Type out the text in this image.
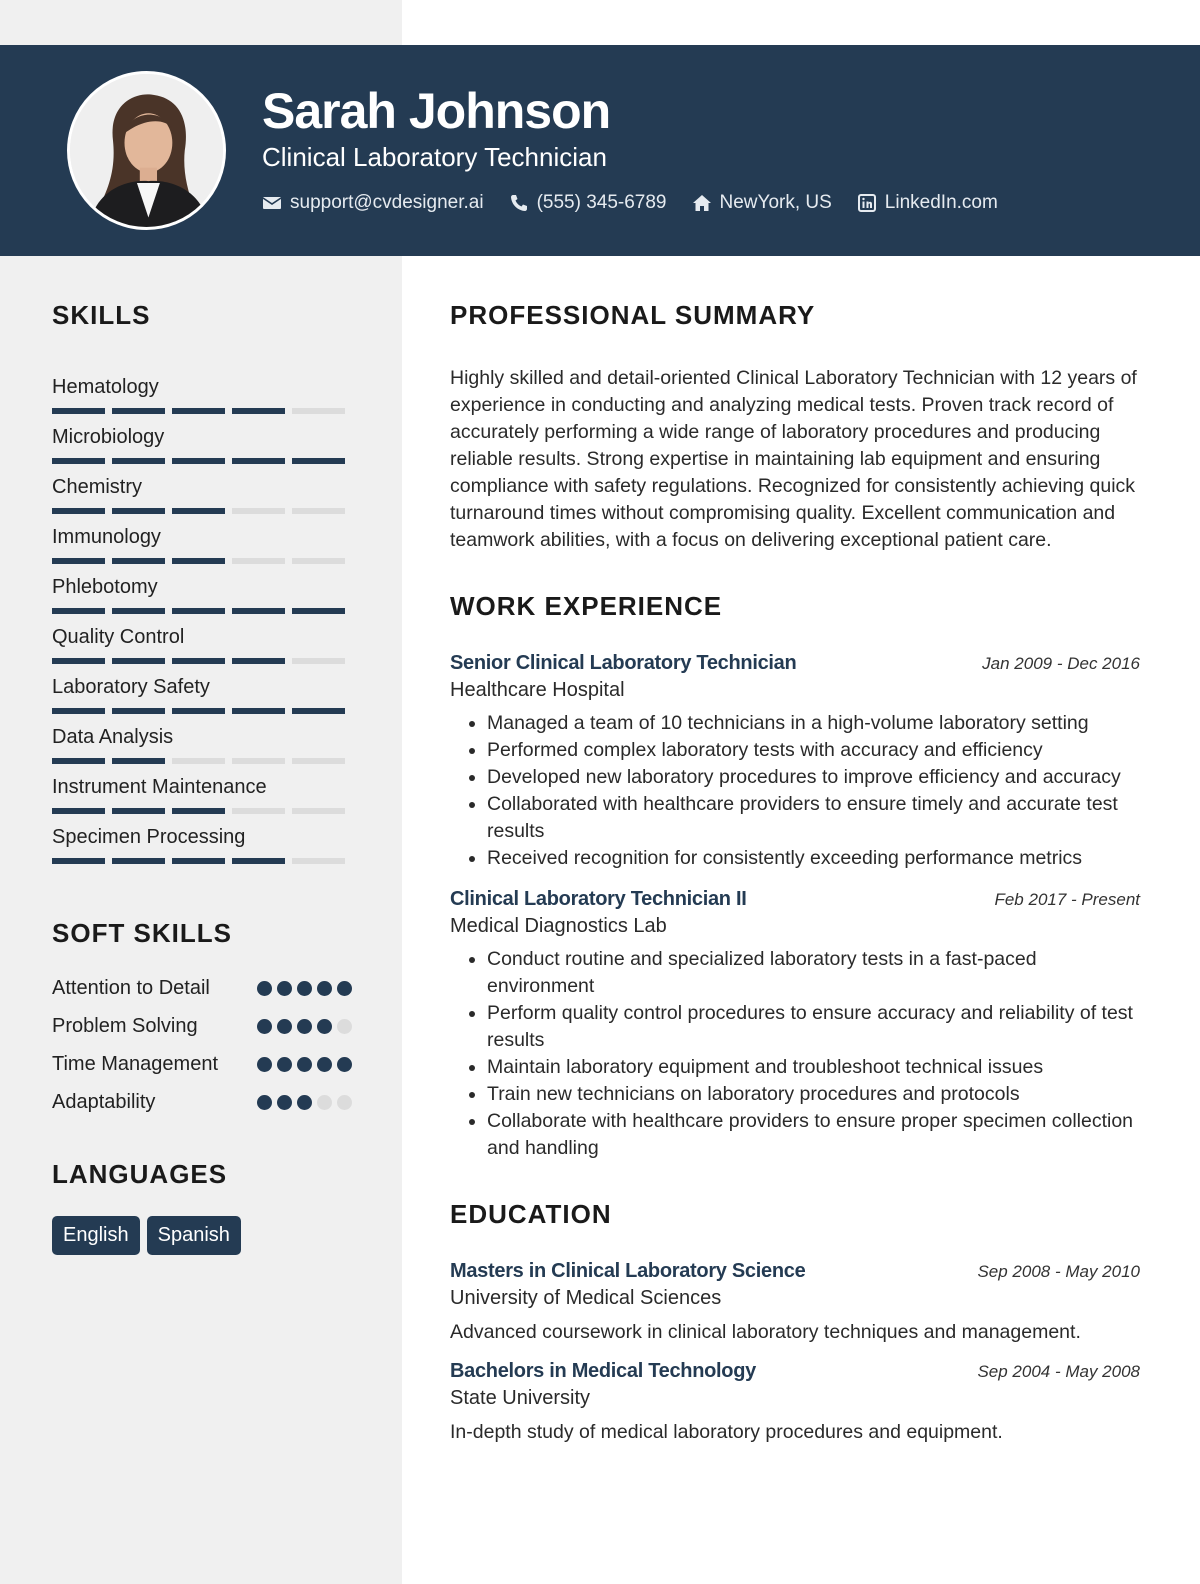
Sarah Johnson
Clinical Laboratory Technician
support@cvdesigner.ai	(555) 345-6789	NewYork, US	LinkedIn.com
SKILLS
Hematology
Microbiology
Chemistry
Immunology
Phlebotomy
Quality Control
Laboratory Safety
Data Analysis
Instrument Maintenance
Specimen Processing
SOFT SKILLS
Attention to Detail
Problem Solving
Time Management
Adaptability
LANGUAGES
English	Spanish
PROFESSIONAL SUMMARY
Highly skilled and detail-oriented Clinical Laboratory Technician with 12 years of experience in conducting and analyzing medical tests. Proven track record of accurately performing a wide range of laboratory procedures and producing reliable results. Strong expertise in maintaining lab equipment and ensuring compliance with safety regulations. Recognized for consistently achieving quick turnaround times without compromising quality. Excellent communication and teamwork abilities, with a focus on delivering exceptional patient care.
WORK EXPERIENCE
Senior Clinical Laboratory Technician	Jan 2009 - Dec 2016
Healthcare Hospital
• Managed a team of 10 technicians in a high-volume laboratory setting
• Performed complex laboratory tests with accuracy and efficiency
• Developed new laboratory procedures to improve efficiency and accuracy
• Collaborated with healthcare providers to ensure timely and accurate test results
• Received recognition for consistently exceeding performance metrics
Clinical Laboratory Technician II	Feb 2017 - Present
Medical Diagnostics Lab
• Conduct routine and specialized laboratory tests in a fast-paced environment
• Perform quality control procedures to ensure accuracy and reliability of test results
• Maintain laboratory equipment and troubleshoot technical issues
• Train new technicians on laboratory procedures and protocols
• Collaborate with healthcare providers to ensure proper specimen collection and handling
EDUCATION
Masters in Clinical Laboratory Science	Sep 2008 - May 2010
University of Medical Sciences
Advanced coursework in clinical laboratory techniques and management.
Bachelors in Medical Technology	Sep 2004 - May 2008
State University
In-depth study of medical laboratory procedures and equipment.
